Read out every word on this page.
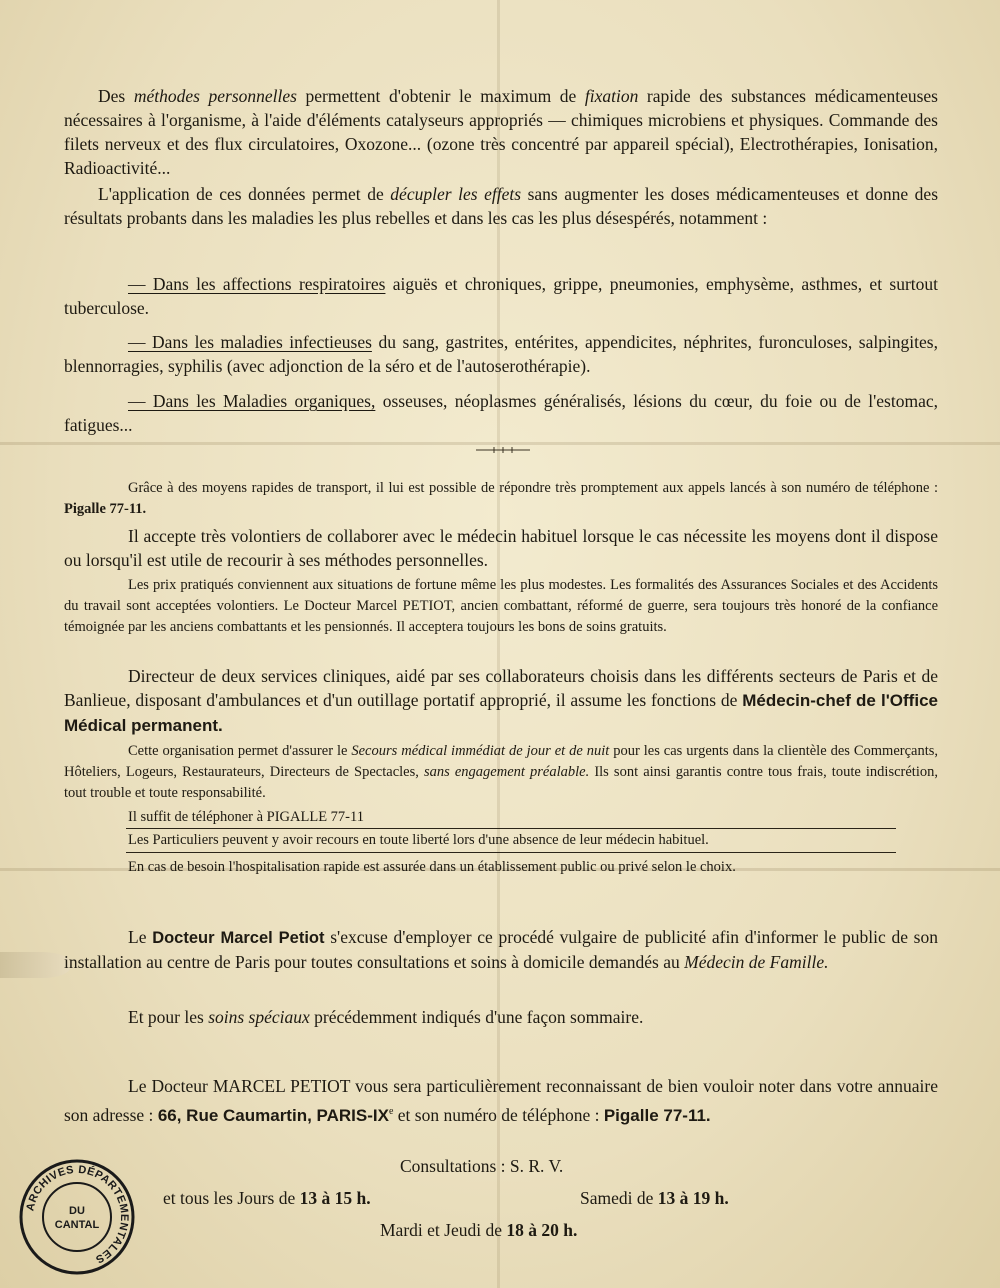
Des méthodes personnelles permettent d'obtenir le maximum de fixation rapide des substances médicamenteuses nécessaires à l'organisme, à l'aide d'éléments catalyseurs appropriés — chimiques microbiens et physiques. Commande des filets nerveux et des flux circulatoires, Oxozone... (ozone très concentré par appareil spécial), Electrothérapies, Ionisation, Radioactivité...

L'application de ces données permet de décupler les effets sans augmenter les doses médicamenteuses et donne des résultats probants dans les maladies les plus rebelles et dans les cas les plus désespérés, notamment :

— Dans les affections respiratoires aiguës et chroniques, grippe, pneumonies, emphysème, asthmes, et surtout tuberculose.

— Dans les maladies infectieuses du sang, gastrites, entérites, appendicites, néphrites, furonculoses, salpingites, blennorragies, syphilis (avec adjonction de la séro et de l'autoserothérapie).

— Dans les Maladies organiques, osseuses, néoplasmes généralisés, lésions du cœur, du foie ou de l'estomac, fatigues...

Grâce à des moyens rapides de transport, il lui est possible de répondre très promptement aux appels lancés à son numéro de téléphone : Pigalle 77-11.

Il accepte très volontiers de collaborer avec le médecin habituel lorsque le cas nécessite les moyens dont il dispose ou lorsqu'il est utile de recourir à ses méthodes personnelles.

Les prix pratiqués conviennent aux situations de fortune même les plus modestes. Les formalités des Assurances Sociales et des Accidents du travail sont acceptées volontiers. Le Docteur Marcel PETIOT, ancien combattant, réformé de guerre, sera toujours très honoré de la confiance témoignée par les anciens combattants et les pensionnés. Il acceptera toujours les bons de soins gratuits.

Directeur de deux services cliniques, aidé par ses collaborateurs choisis dans les différents secteurs de Paris et de Banlieue, disposant d'ambulances et d'un outillage portatif approprié, il assume les fonctions de Médecin-chef de l'Office Médical permanent.

Cette organisation permet d'assurer le Secours médical immédiat de jour et de nuit pour les cas urgents dans la clientèle des Commerçants, Hôteliers, Logeurs, Restaurateurs, Directeurs de Spectacles, sans engagement préalable. Ils sont ainsi garantis contre tous frais, toute indiscrétion, tout trouble et toute responsabilité.

Il suffit de téléphoner à PIGALLE 77-11

Les Particuliers peuvent y avoir recours en toute liberté lors d'une absence de leur médecin habituel.

En cas de besoin l'hospitalisation rapide est assurée dans un établissement public ou privé selon le choix.

Le Docteur Marcel Petiot s'excuse d'employer ce procédé vulgaire de publicité afin d'informer le public de son installation au centre de Paris pour toutes consultations et soins à domicile demandés au Médecin de Famille.

Et pour les soins spéciaux précédemment indiqués d'une façon sommaire.

Le Docteur MARCEL PETIOT vous sera particulièrement reconnaissant de bien vouloir noter dans votre annuaire son adresse : 66, Rue Caumartin, PARIS-IXe et son numéro de téléphone : Pigalle 77-11.

Consultations : S. R. V.

et tous les Jours de 13 à 15 h.	Samedi de 13 à 19 h.

Mardi et Jeudi de 18 à 20 h.

ARCHIVES DÉPARTEMENTALES
DU
CANTAL
